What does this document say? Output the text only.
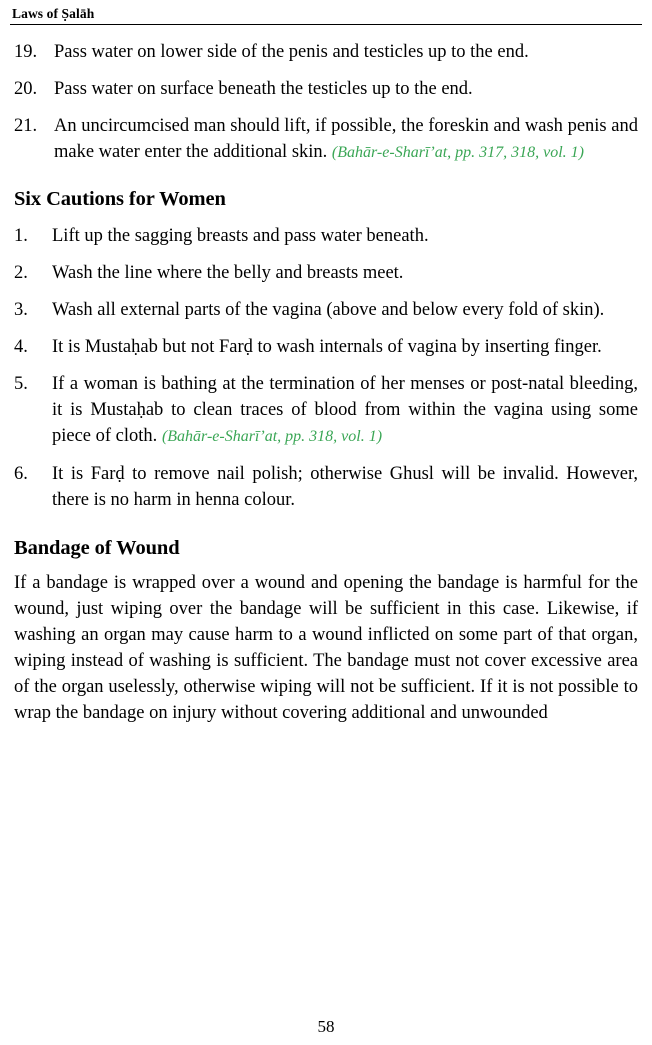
Laws of Ṣalāh
19. Pass water on lower side of the penis and testicles up to the end.
20. Pass water on surface beneath the testicles up to the end.
21. An uncircumcised man should lift, if possible, the foreskin and wash penis and make water enter the additional skin. (Bahār-e-Sharī’at, pp. 317, 318, vol. 1)
Six Cautions for Women
1.	Lift up the sagging breasts and pass water beneath.
2.	Wash the line where the belly and breasts meet.
3.	Wash all external parts of the vagina (above and below every fold of skin).
4.	It is Mustaḥab but not Farḍ to wash internals of vagina by inserting finger.
5.	If a woman is bathing at the termination of her menses or post-natal bleeding, it is Mustaḥab to clean traces of blood from within the vagina using some piece of cloth. (Bahār-e-Sharī’at, pp. 318, vol. 1)
6.	It is Farḍ to remove nail polish; otherwise Ghusl will be invalid. However, there is no harm in henna colour.
Bandage of Wound

If a bandage is wrapped over a wound and opening the bandage is harmful for the wound, just wiping over the bandage will be sufficient in this case. Likewise, if washing an organ may cause harm to a wound inflicted on some part of that organ, wiping instead of washing is sufficient. The bandage must not cover excessive area of the organ uselessly, otherwise wiping will not be sufficient. If it is not possible to wrap the bandage on injury without covering additional and unwounded

58
